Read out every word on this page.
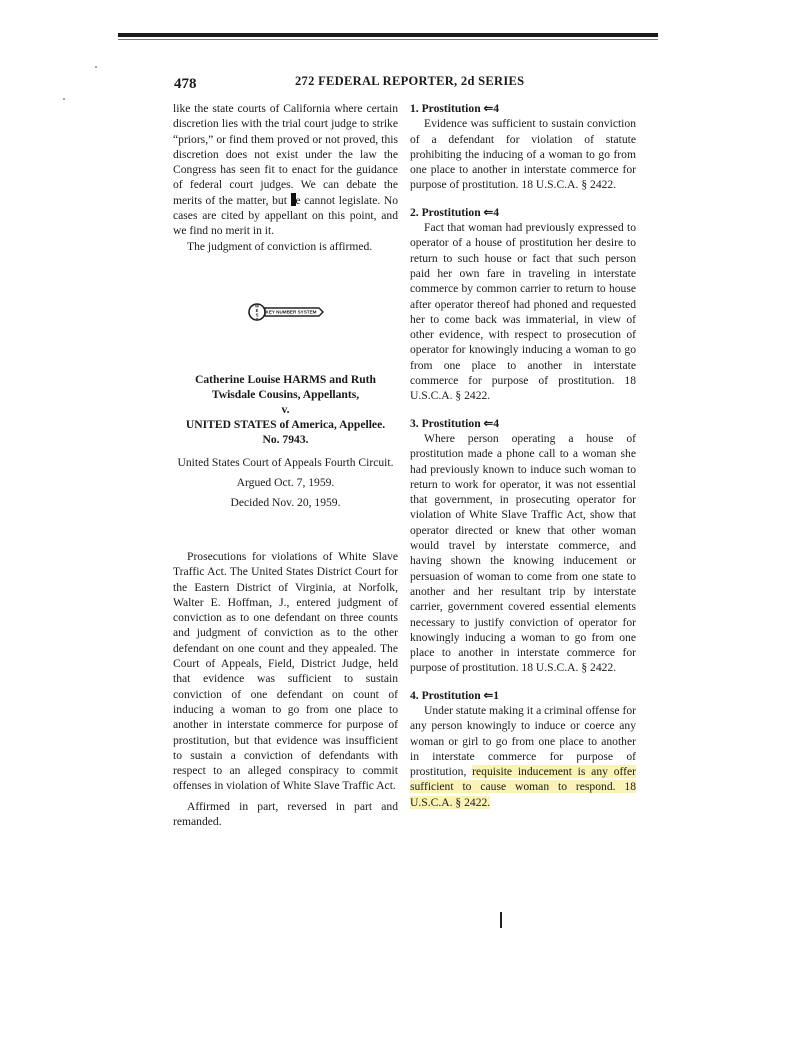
478	272 FEDERAL REPORTER, 2d SERIES

like the state courts of California where certain discretion lies with the trial court judge to strike “priors,” or find them proved or not proved, this discretion does not exist under the law the Congress has seen fit to enact for the guidance of federal court judges. We can debate the merits of the matter, but e cannot legislate. No cases are cited by appellant on this point, and we find no merit in it.

The judgment of conviction is affirmed.

W
E
S
T
KEY NUMBER SYSTEM
Catherine Louise HARMS and Ruth Twisdale Cousins, Appellants,
v.
UNITED STATES of America, Appellee.
No. 7943.
United States Court of Appeals Fourth Circuit.
Argued Oct. 7, 1959.
Decided Nov. 20, 1959.

Prosecutions for violations of White Slave Traffic Act. The United States District Court for the Eastern District of Virginia, at Norfolk, Walter E. Hoffman, J., entered judgment of conviction as to one defendant on three counts and judgment of conviction as to the other defendant on one count and they appealed. The Court of Appeals, Field, District Judge, held that evidence was sufficient to sustain conviction of one defendant on count of inducing a woman to go from one place to another in interstate commerce for purpose of prostitution, but that evidence was insufficient to sustain a conviction of defendants with respect to an alleged conspiracy to commit offenses in violation of White Slave Traffic Act.

Affirmed in part, reversed in part and remanded.

1. Prostitution ⇐4

Evidence was sufficient to sustain conviction of a defendant for violation of statute prohibiting the inducing of a woman to go from one place to another in interstate commerce for purpose of prostitution. 18 U.S.C.A. § 2422.

2. Prostitution ⇐4

Fact that woman had previously expressed to operator of a house of prostitution her desire to return to such house or fact that such person paid her own fare in traveling in interstate commerce by common carrier to return to house after operator thereof had phoned and requested her to come back was immaterial, in view of other evidence, with respect to prosecution of operator for knowingly inducing a woman to go from one place to another in interstate commerce for purpose of prostitution. 18 U.S.C.A. § 2422.

3. Prostitution ⇐4

Where person operating a house of prostitution made a phone call to a woman she had previously known to induce such woman to return to work for operator, it was not essential that government, in prosecuting operator for violation of White Slave Traffic Act, show that operator directed or knew that other woman would travel by interstate commerce, and having shown the knowing inducement or persuasion of woman to come from one state to another and her resultant trip by interstate carrier, government covered essential elements necessary to justify conviction of operator for knowingly inducing a woman to go from one place to another in interstate commerce for purpose of prostitution. 18 U.S.C.A. § 2422.

4. Prostitution ⇐1

Under statute making it a criminal offense for any person knowingly to induce or coerce any woman or girl to go from one place to another in interstate commerce for purpose of prostitution, requisite inducement is any offer sufficient to cause woman to respond. 18 U.S.C.A. § 2422.
